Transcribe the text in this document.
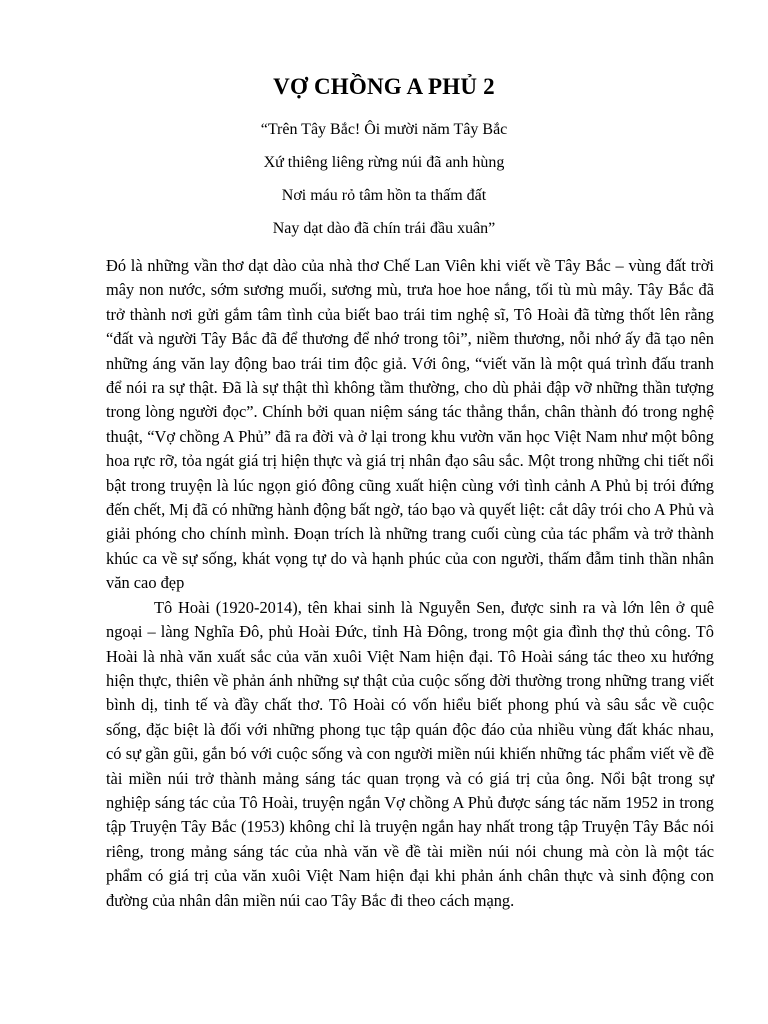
VỢ CHỒNG A PHỦ 2
“Trên Tây Bắc! Ôi mười năm Tây Bắc
Xứ thiêng liêng rừng núi đã anh hùng
Nơi máu rỏ tâm hồn ta thấm đất
Nay dạt dào đã chín trái đầu xuân”

Đó là những vần thơ dạt dào của nhà thơ Chế Lan Viên khi viết về Tây Bắc – vùng đất trời mây non nước, sớm sương muối, sương mù, trưa hoe hoe nắng, tối tù mù mây. Tây Bắc đã trở thành nơi gửi gắm tâm tình của biết bao trái tim nghệ sĩ, Tô Hoài đã từng thốt lên rằng “đất và người Tây Bắc đã để thương để nhớ trong tôi”, niềm thương, nỗi nhớ ấy đã tạo nên những áng văn lay động bao trái tim độc giả. Với ông, “viết văn là một quá trình đấu tranh để nói ra sự thật. Đã là sự thật thì không tầm thường, cho dù phải đập vỡ những thần tượng trong lòng người đọc”. Chính bởi quan niệm sáng tác thẳng thắn, chân thành đó trong nghệ thuật, “Vợ chồng A Phủ” đã ra đời và ở lại trong khu vườn văn học Việt Nam như một bông hoa rực rỡ, tỏa ngát giá trị hiện thực và giá trị nhân đạo sâu sắc. Một trong những chi tiết nổi bật trong truyện là lúc ngọn gió đông cũng xuất hiện cùng với tình cảnh A Phủ bị trói đứng đến chết, Mị đã có những hành động bất ngờ, táo bạo và quyết liệt: cắt dây trói cho A Phủ và giải phóng cho chính mình. Đoạn trích là những trang cuối cùng của tác phẩm và trở thành khúc ca về sự sống, khát vọng tự do và hạnh phúc của con người, thấm đẫm tinh thần nhân văn cao đẹp

Tô Hoài (1920-2014), tên khai sinh là Nguyễn Sen, được sinh ra và lớn lên ở quê ngoại – làng Nghĩa Đô, phủ Hoài Đức, tỉnh Hà Đông, trong một gia đình thợ thủ công. Tô Hoài là nhà văn xuất sắc của văn xuôi Việt Nam hiện đại. Tô Hoài sáng tác theo xu hướng hiện thực, thiên về phản ánh những sự thật của cuộc sống đời thường trong những trang viết bình dị, tinh tế và đầy chất thơ. Tô Hoài có vốn hiểu biết phong phú và sâu sắc về cuộc sống, đặc biệt là đối với những phong tục tập quán độc đáo của nhiều vùng đất khác nhau, có sự gần gũi, gắn bó với cuộc sống và con người miền núi khiến những tác phẩm viết về đề tài miền núi trở thành mảng sáng tác quan trọng và có giá trị của ông. Nổi bật trong sự nghiệp sáng tác của Tô Hoài, truyện ngắn Vợ chồng A Phủ được sáng tác năm 1952 in trong tập Truyện Tây Bắc (1953) không chỉ là truyện ngắn hay nhất trong tập Truyện Tây Bắc nói riêng, trong mảng sáng tác của nhà văn về đề tài miền núi nói chung mà còn là một tác phẩm có giá trị của văn xuôi Việt Nam hiện đại khi phản ánh chân thực và sinh động con đường của nhân dân miền núi cao Tây Bắc đi theo cách mạng.
